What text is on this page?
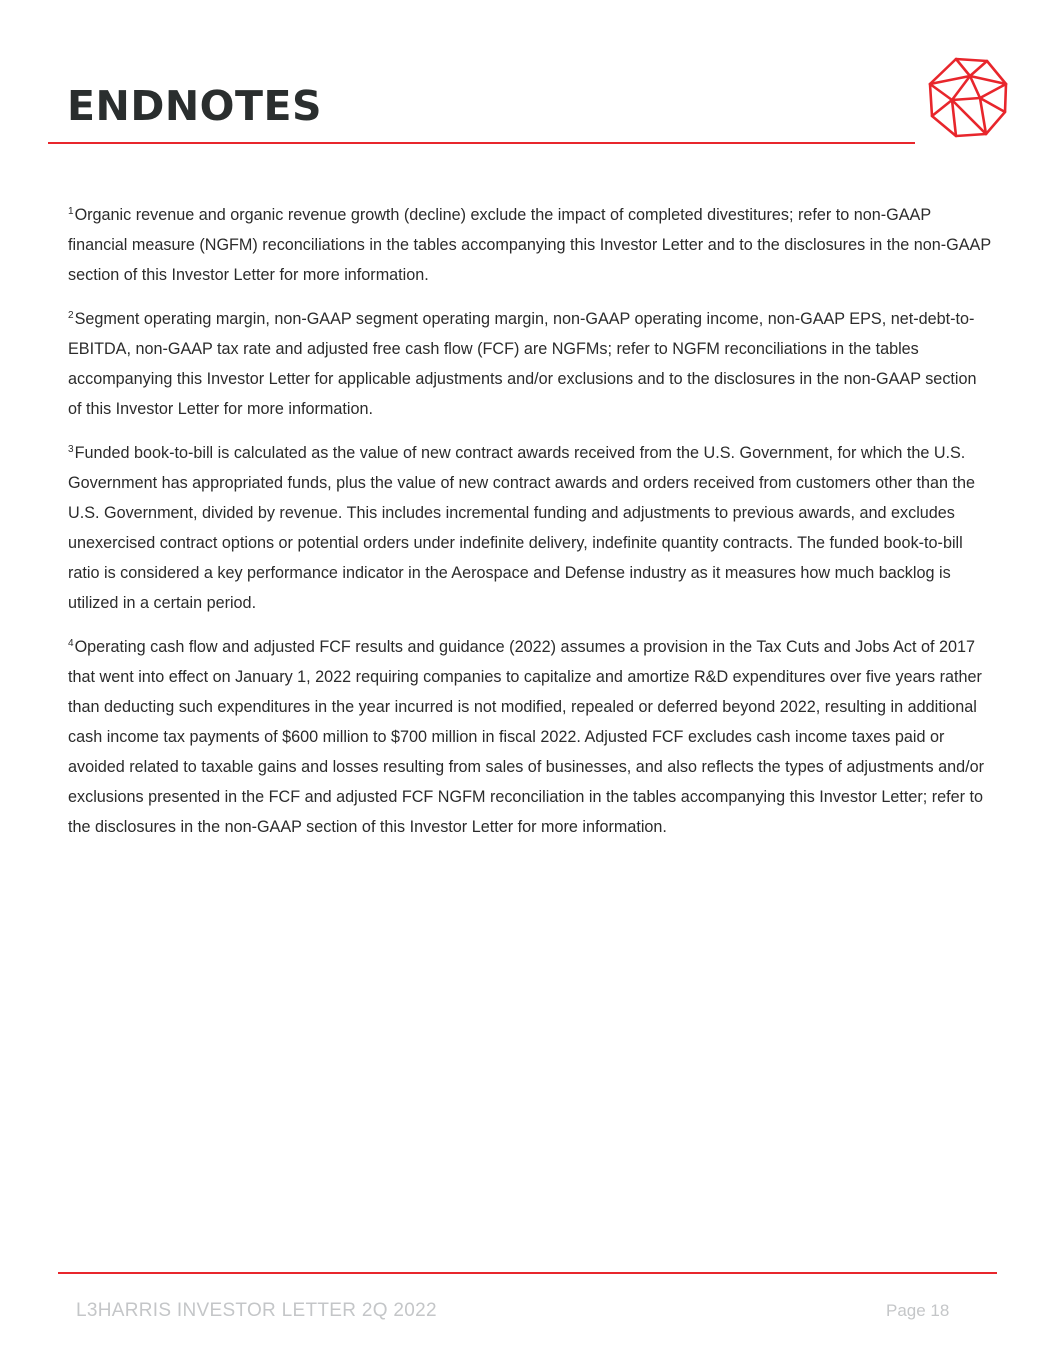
ENDNOTES

$^1$Organic revenue and organic revenue growth (decline) exclude the impact of completed divestitures; refer to non-GAAP financial measure (NGFM) reconciliations in the tables accompanying this Investor Letter and to the disclosures in the non-GAAP section of this Investor Letter for more information.

$^2$Segment operating margin, non-GAAP segment operating margin, non-GAAP operating income, non-GAAP EPS, net-debt-to-EBITDA, non-GAAP tax rate and adjusted free cash flow (FCF) are NGFMs; refer to NGFM reconciliations in the tables accompanying this Investor Letter for applicable adjustments and/or exclusions and to the disclosures in the non-GAAP section of this Investor Letter for more information.

$^3$Funded book-to-bill is calculated as the value of new contract awards received from the U.S. Government, for which the U.S. Government has appropriated funds, plus the value of new contract awards and orders received from customers other than the U.S. Government, divided by revenue. This includes incremental funding and adjustments to previous awards, and excludes unexercised contract options or potential orders under indefinite delivery, indefinite quantity contracts. The funded book-to-bill ratio is considered a key performance indicator in the Aerospace and Defense industry as it measures how much backlog is utilized in a certain period.

$^4$Operating cash flow and adjusted FCF results and guidance (2022) assumes a provision in the Tax Cuts and Jobs Act of 2017 that went into effect on January 1, 2022 requiring companies to capitalize and amortize R&D expenditures over five years rather than deducting such expenditures in the year incurred is not modified, repealed or deferred beyond 2022, resulting in additional cash income tax payments of $600 million to $700 million in fiscal 2022. Adjusted FCF excludes cash income taxes paid or avoided related to taxable gains and losses resulting from sales of businesses, and also reflects the types of adjustments and/or exclusions presented in the FCF and adjusted FCF NGFM reconciliation in the tables accompanying this Investor Letter; refer to the disclosures in the non-GAAP section of this Investor Letter for more information.

L3HARRIS INVESTOR LETTER 2Q 2022	Page 18
